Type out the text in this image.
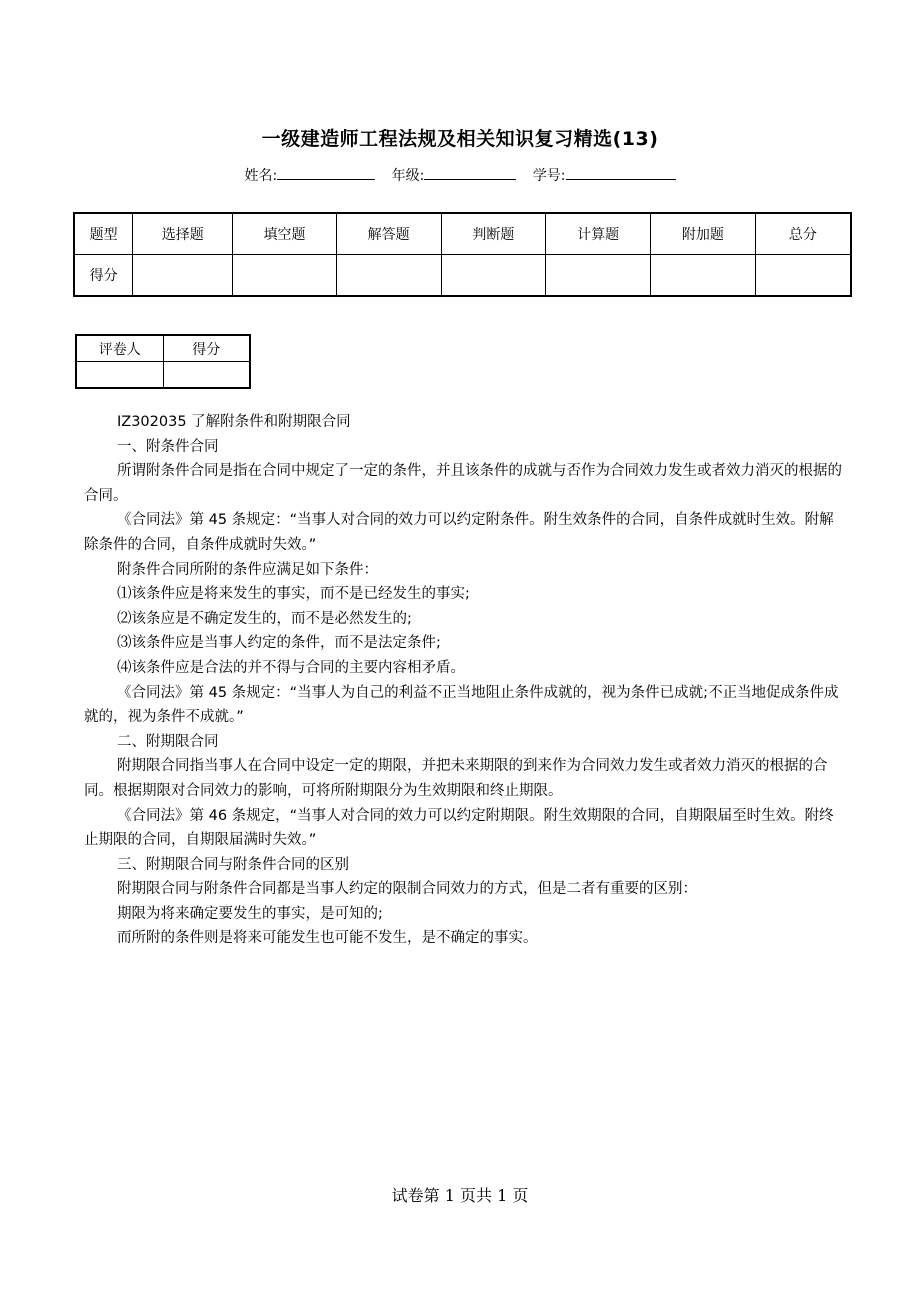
一级建造师工程法规及相关知识复习精选(13)
姓名:	年级:	学号:
题型	选择题	填空题	解答题	判断题	计算题	附加题	总分
得分							
评卷人	得分

IZ302035 了解附条件和附期限合同

一、附条件合同

所谓附条件合同是指在合同中规定了一定的条件，并且该条件的成就与否作为合同效力发生或者效力消灭的根据的合同。

《合同法》第 45 条规定：“当事人对合同的效力可以约定附条件。附生效条件的合同，自条件成就时生效。附解除条件的合同，自条件成就时失效。”

附条件合同所附的条件应满足如下条件：

⑴该条件应是将来发生的事实，而不是已经发生的事实;

⑵该条应是不确定发生的，而不是必然发生的;

⑶该条件应是当事人约定的条件，而不是法定条件;

⑷该条件应是合法的并不得与合同的主要内容相矛盾。

《合同法》第 45 条规定：“当事人为自己的利益不正当地阻止条件成就的，视为条件已成就;不正当地促成条件成就的，视为条件不成就。”

二、附期限合同

附期限合同指当事人在合同中设定一定的期限，并把未来期限的到来作为合同效力发生或者效力消灭的根据的合同。根据期限对合同效力的影响，可将所附期限分为生效期限和终止期限。

《合同法》第 46 条规定，“当事人对合同的效力可以约定附期限。附生效期限的合同，自期限届至时生效。附终止期限的合同，自期限届满时失效。”

三、附期限合同与附条件合同的区别

附期限合同与附条件合同都是当事人约定的限制合同效力的方式，但是二者有重要的区别：

期限为将来确定要发生的事实，是可知的;

而所附的条件则是将来可能发生也可能不发生，是不确定的事实。

试卷第 1 页共 1 页
